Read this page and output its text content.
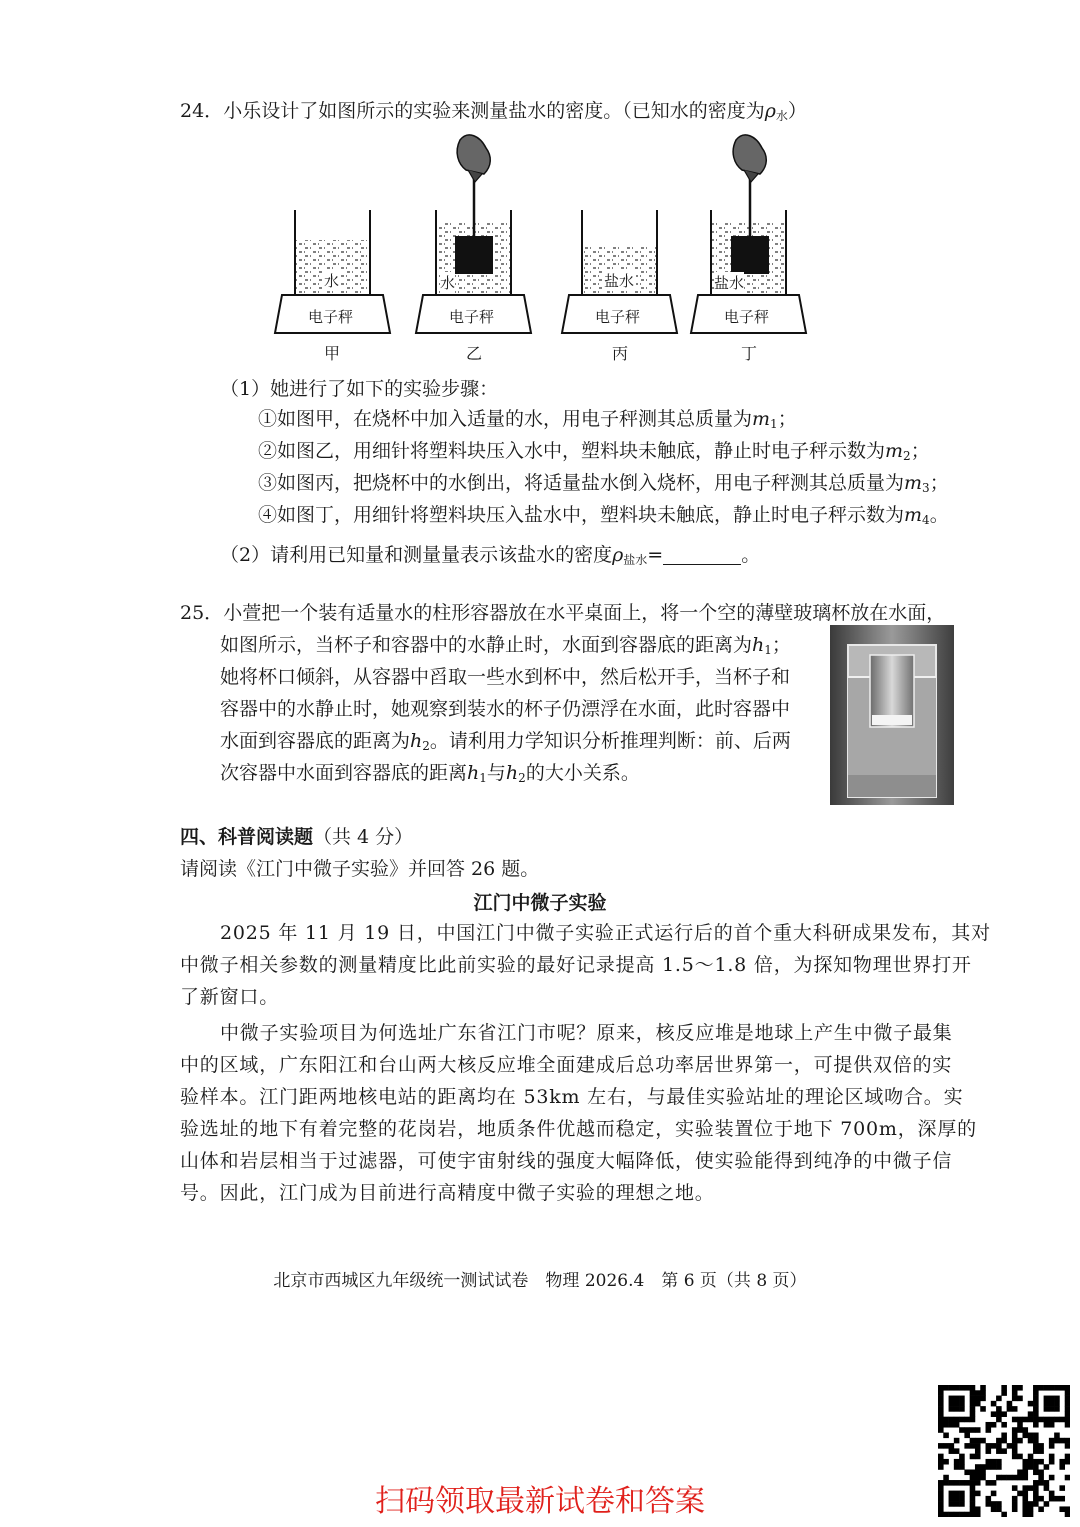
24．小乐设计了如图所示的实验来测量盐水的密度。（已知水的密度为$\rho_水$）
水	水	盐水	盐水
电子秤	电子秤	电子秤	电子秤
甲	乙	丙	丁
（1）她进行了如下的实验步骤：
①如图甲，在烧杯中加入适量的水，用电子秤测其总质量为$m_1$；
②如图乙，用细针将塑料块压入水中，塑料块未触底，静止时电子秤示数为$m_2$；
③如图丙，把烧杯中的水倒出，将适量盐水倒入烧杯，用电子秤测其总质量为$m_3$；
④如图丁，用细针将塑料块压入盐水中，塑料块未触底，静止时电子秤示数为$m_4$。
（2）请利用已知量和测量量表示该盐水的密度$\rho_{盐水}=$	。
25．小萱把一个装有适量水的柱形容器放在水平桌面上，将一个空的薄壁玻璃杯放在水面，
如图所示，当杯子和容器中的水静止时，水面到容器底的距离为$h_1$；
她将杯口倾斜，从容器中舀取一些水到杯中，然后松开手，当杯子和
容器中的水静止时，她观察到装水的杯子仍漂浮在水面，此时容器中
水面到容器底的距离为$h_2$。请利用力学知识分析推理判断：前、后两
次容器中水面到容器底的距离$h_1$与$h_2$的大小关系。
四、科普阅读题（共 4 分）
请阅读《江门中微子实验》并回答 26 题。
江门中微子实验
2025 年 11 月 19 日，中国江门中微子实验正式运行后的首个重大科研成果发布，其对
中微子相关参数的测量精度比此前实验的最好记录提高 1.5～1.8 倍，为探知物理世界打开
了新窗口。
中微子实验项目为何选址广东省江门市呢？原来，核反应堆是地球上产生中微子最集
中的区域，广东阳江和台山两大核反应堆全面建成后总功率居世界第一，可提供双倍的实
验样本。江门距两地核电站的距离均在 53km 左右，与最佳实验站址的理论区域吻合。实
验选址的地下有着完整的花岗岩，地质条件优越而稳定，实验装置位于地下 700m，深厚的
山体和岩层相当于过滤器，可使宇宙射线的强度大幅降低，使实验能得到纯净的中微子信
号。因此，江门成为目前进行高精度中微子实验的理想之地。
北京市西城区九年级统一测试试卷　物理 2026.4　第 6 页（共 8 页）
扫码领取最新试卷和答案
